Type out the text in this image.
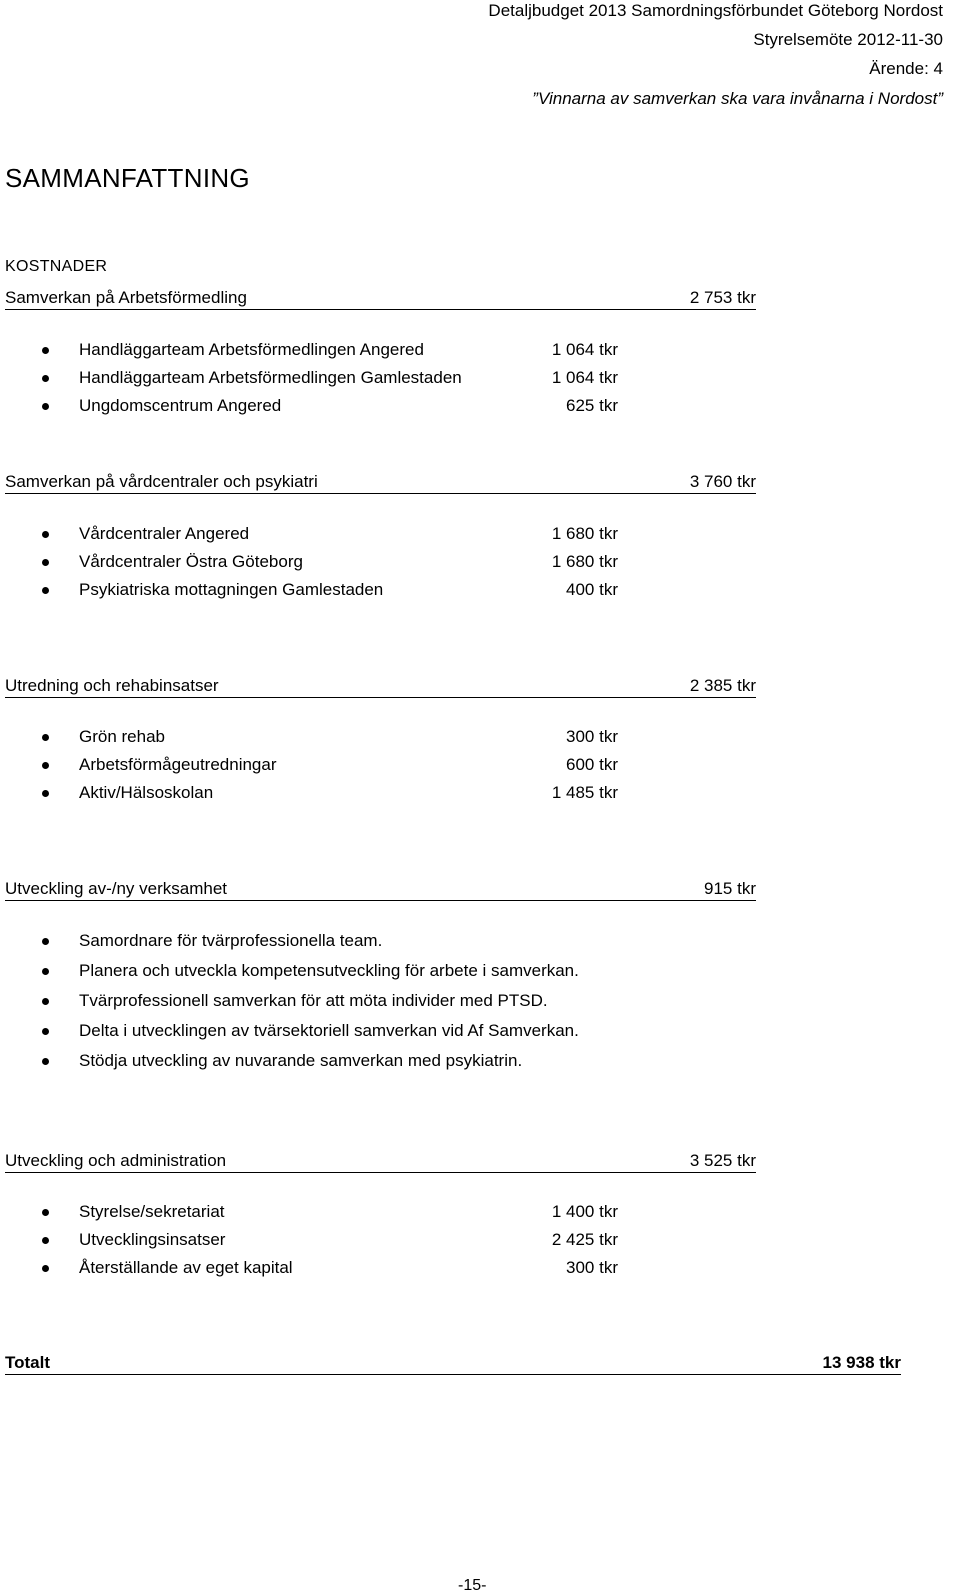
Detaljbudget 2013 Samordningsförbundet Göteborg Nordost
Styrelsemöte 2012-11-30
Ärende: 4
”Vinnarna av samverkan ska vara invånarna i Nordost”
SAMMANFATTNING
KOSTNADER
Samverkan på Arbetsförmedling	2 753 tkr
Handläggarteam Arbetsförmedlingen Angered	1 064 tkr
Handläggarteam Arbetsförmedlingen Gamlestaden	1 064 tkr
Ungdomscentrum Angered	625 tkr
Samverkan på vårdcentraler och psykiatri	3 760 tkr
Vårdcentraler Angered	1 680 tkr
Vårdcentraler Östra Göteborg	1 680 tkr
Psykiatriska mottagningen Gamlestaden	400 tkr
Utredning och rehabinsatser	2 385 tkr
Grön rehab	300 tkr
Arbetsförmågeutredningar	600 tkr
Aktiv/Hälsoskolan	1 485 tkr
Utveckling av-/ny verksamhet	915 tkr
Samordnare för tvärprofessionella team.
Planera och utveckla kompetensutveckling för arbete i samverkan.
Tvärprofessionell samverkan för att möta individer med PTSD.
Delta i utvecklingen av tvärsektoriell samverkan vid Af Samverkan.
Stödja utveckling av nuvarande samverkan med psykiatrin.
Utveckling och administration	3 525 tkr
Styrelse/sekretariat	1 400 tkr
Utvecklingsinsatser	2 425 tkr
Återställande av eget kapital	300 tkr
Totalt	13 938 tkr
-15-
